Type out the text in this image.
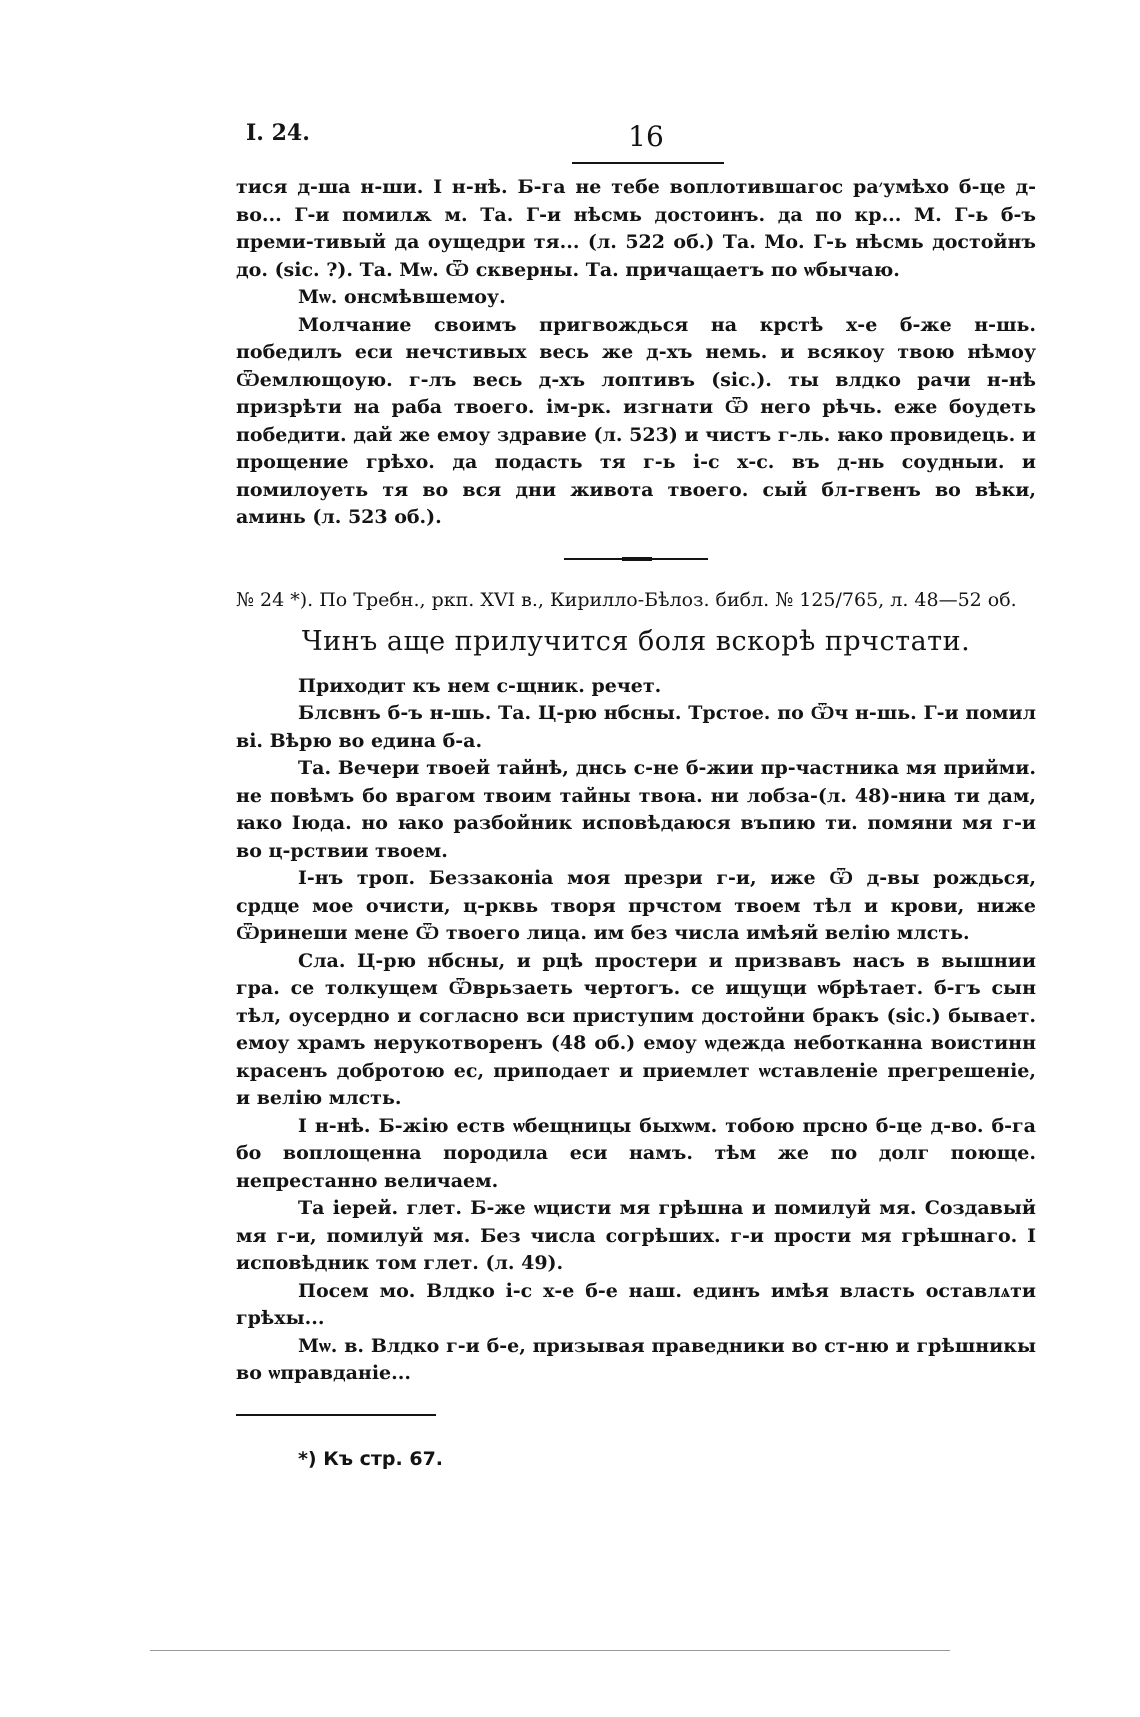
I. 24.	16

тися д-ша н-ши. I н-нѣ. Б-га не тебе воплотившагоc ра׳умѣхо б-це д-во... Г-и помилѫ м. Та. Г-и нѣсмь достоинъ. да по кр... М. Г-ь б-ъ преми-тивый да оущедри тя... (л. 522 об.) Та. Мо. Г-ь нѣсмь достойнъ до. (sic. ?). Та. Мѡ. Ѿ скверны. Та. причащаетъ по ѡбычаю.

Мѡ. онсмѣвшемоу.

Молчание своимъ пригвождься на крстѣ х-е б-же н-шь. победилъ еси нечстивых весь же д-хъ немь. и всякоу твою нѣмоу Ѿемлющоую. г-лъ весь д-хъ лоптивъ (sic.). ты влдко рачи н-нѣ призрѣти на раба твоего. ім-рк. изгнати Ѿ него рѣчь. еже боудеть победити. дай же емоу здравие (л. 523) и чистъ г-ль. ꙗко провидець. и прощение грѣхо. да подасть тя г-ь і-с х-с. въ д-нь соудныи. и помилоуеть тя во вся дни живота твоего. сый бл-гвенъ во вѣки, аминь (л. 523 об.).

№ 24 *). По Требн., ркп. XVI в., Кирилло-Бѣлоз. библ. № 125/765, л. 48—52 об.
Чинъ аще прилучится боля вскорѣ прчстати.

Приходит къ нем с-щник. речет.

Блсвнъ б-ъ н-шь. Та. Ц-рю нбсны. Трстое. по Ѿч н-шь. Г-и помил ві. Вѣрю во едина б-а.

Та. Вечери твоей тайнѣ, днсь с-не б-жии пр-частника мя прийми. не повѣмъ бо врагом твоим тайны твоꙗ. ни лобза-(л. 48)-ниꙗ ти дам, ꙗко Іюда. но ꙗко разбойник исповѣдаюся въпию ти. помяни мя г-и во ц-рствии твоем.

І-нъ троп. Беззаконіа моя презри г-и, иже Ѿ д-вы рождься, срдце мое очисти, ц-рквь творя прчстом твоем тѣл и крови, ниже Ѿринеши мене Ѿ твоего лица. им без числа имѣяй велію млсть.

Сла. Ц-рю нбсны, и рцѣ простери и призвавъ насъ в вышнии гра. се толкущем Ѿврьзаеть чертогъ. се ищущи ѡбрѣтает. б-гъ сын тѣл, оусердно и согласно вси приступим достойни бракъ (sic.) бывает. емоу храмъ нерукотворенъ (48 об.) емоу ѡдежда неботканна воистинн красенъ добротою ес, приподает и приемлет ѡставленіе прегрешеніе, и велію млсть.

І н-нѣ. Б-жію еств ѡбещницы быхѡм. тобою прсно б-це д-во. б-га бо воплощенна породила еси намъ. тѣм же по долг поюще. непрестанно величаем.

Та іерей. глет. Б-же ѡцисти мя грѣшна и помилуй мя. Создавый мя г-и, помилуй мя. Без числа согрѣших. г-и прости мя грѣшнаго. І исповѣдник том глет. (л. 49).

Посем мо. Влдко і-с х-е б-е наш. единъ имѣя власть оставлѧти грѣхы...

Мѡ. в. Влдко г-и б-е, призывая праведники во ст-ню и грѣшникы во ѡправданіе...

*) Къ стр. 67.
